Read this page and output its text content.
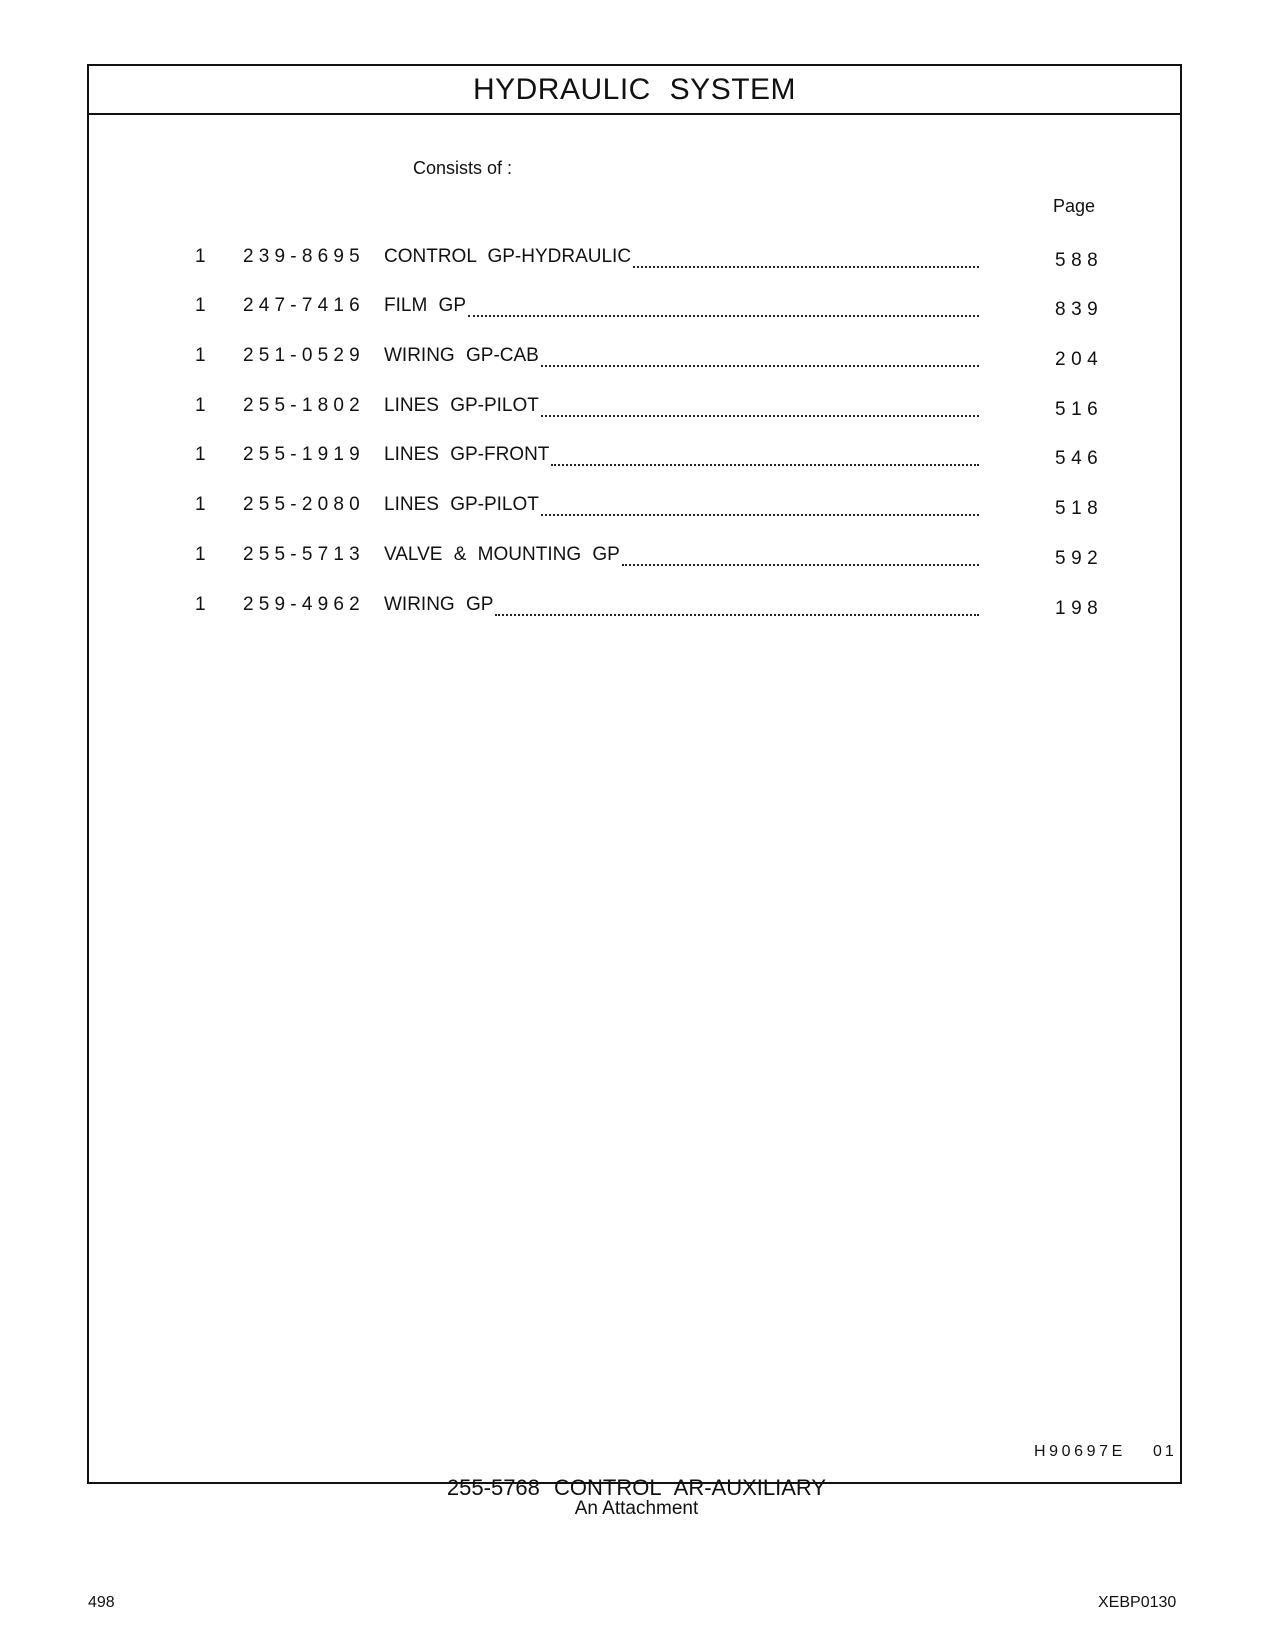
HYDRAULIC SYSTEM
Consists of :
Page
1 239-8695 CONTROL GP-HYDRAULIC	588
1 247-7416 FILM GP	839
1 251-0529 WIRING GP-CAB	204
1 255-1802 LINES GP-PILOT	516
1 255-1919 LINES GP-FRONT	546
1 255-2080 LINES GP-PILOT	518
1 255-5713 VALVE & MOUNTING GP	592
1 259-4962 WIRING GP	198
H90697E 01
255-5768 CONTROL AR-AUXILIARY
An Attachment
498	XEBP0130
